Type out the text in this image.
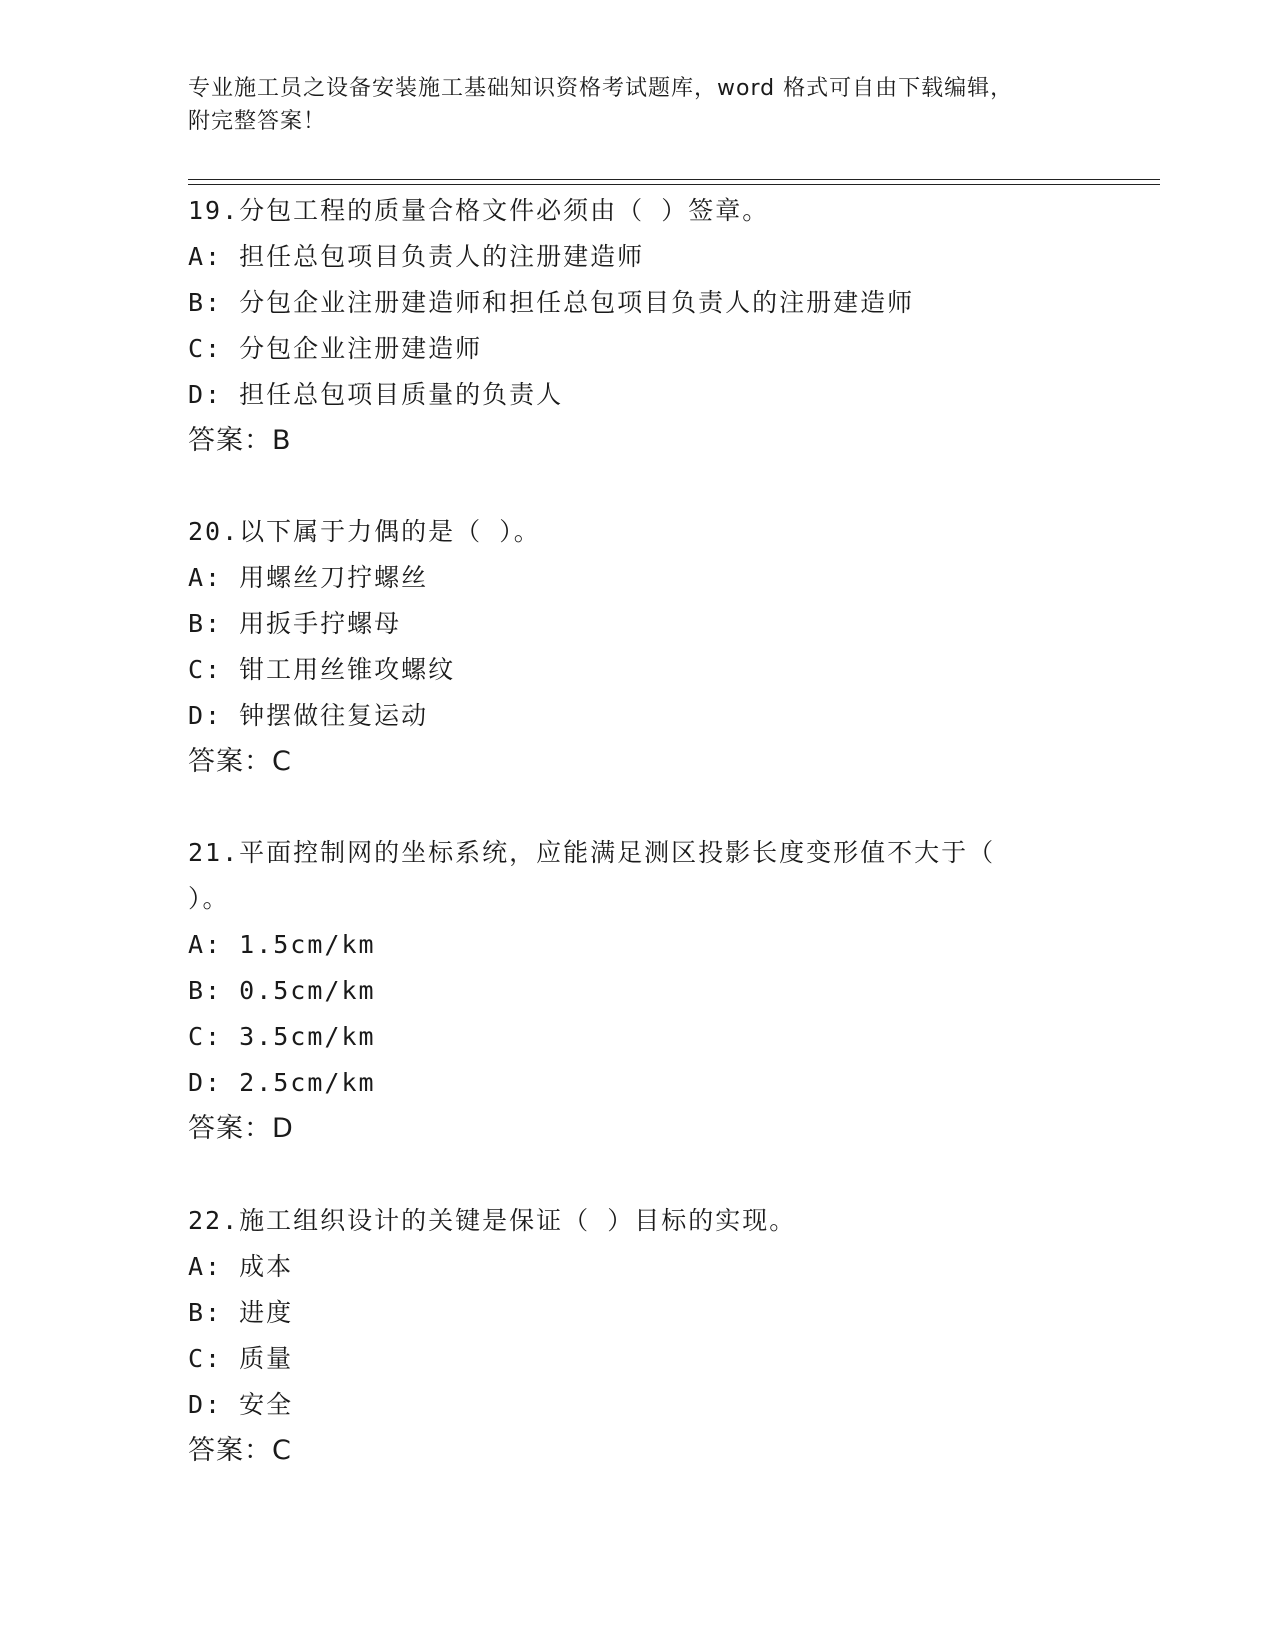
专业施工员之设备安装施工基础知识资格考试题库，word 格式可自由下载编辑，
附完整答案！
19.分包工程的质量合格文件必须由（ ）签章。
A: 担任总包项目负责人的注册建造师
B: 分包企业注册建造师和担任总包项目负责人的注册建造师
C: 分包企业注册建造师
D: 担任总包项目质量的负责人
答案：B
20.以下属于力偶的是（ ）。
A: 用螺丝刀拧螺丝
B: 用扳手拧螺母
C: 钳工用丝锥攻螺纹
D: 钟摆做往复运动
答案：C
21.平面控制网的坐标系统，应能满足测区投影长度变形值不大于（ ）。
A: 1.5cm/km
B: 0.5cm/km
C: 3.5cm/km
D: 2.5cm/km
答案：D
22.施工组织设计的关键是保证（ ）目标的实现。
A: 成本
B: 进度
C: 质量
D: 安全
答案：C
